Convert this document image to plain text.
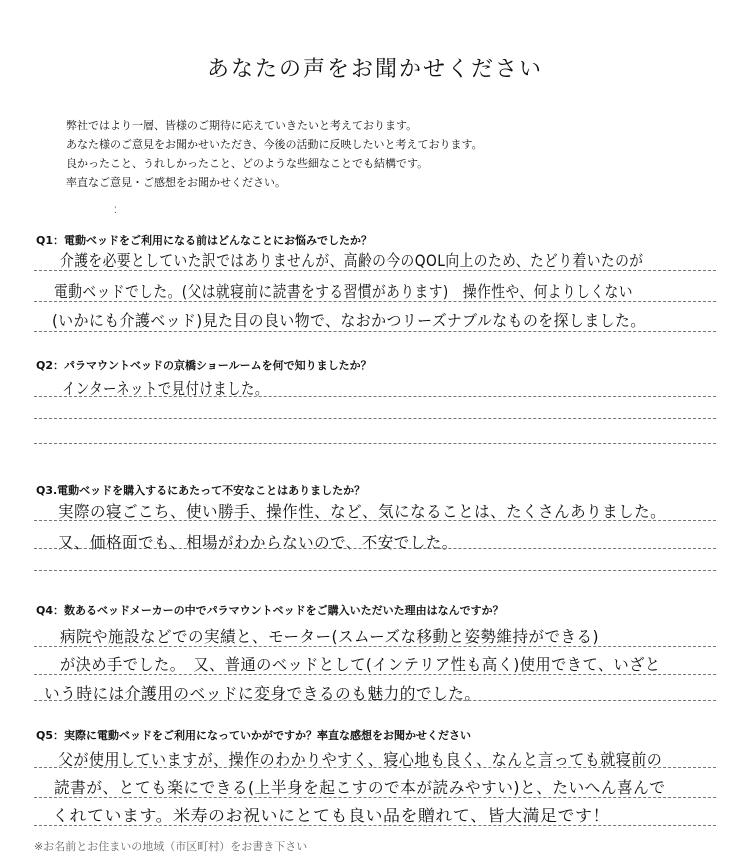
あなたの声をお聞かせください
弊社ではより一層、皆様のご期待に応えていきたいと考えております。
あなた様のご意見をお聞かせいただき、今後の活動に反映したいと考えております。
良かったこと、うれしかったこと、どのような些細なことでも結構です。
率直なご意見・ご感想をお聞かせください。
⁚
Q1：電動ベッドをご利用になる前はどんなことにお悩みでしたか？
介護を必要としていた訳ではありませんが、高齢の今のQOL向上のため、たどり着いたのが
電動ベッドでした。(父は就寝前に読書をする習慣があります)　操作性や、何よりしくない
(いかにも介護ベッド)見た目の良い物で、なおかつリーズナブルなものを探しました。
Q2：パラマウントベッドの京橋ショールームを何で知りましたか？
インターネットで見付けました。
Q3.電動ベッドを購入するにあたって不安なことはありましたか？
実際の寝ごこち、使い勝手、操作性、など、気になることは、たくさんありました。
又、価格面でも、相場がわからないので、不安でした。
Q4：数あるベッドメーカーの中でパラマウントベッドをご購入いただいた理由はなんですか？
病院や施設などでの実績と、モーター(スムーズな移動と姿勢維持ができる)
が決め手でした。　又、普通のベッドとして(インテリア性も高く)使用できて、いざと
いう時には介護用のベッドに変身できるのも魅力的でした。
Q5：実際に電動ベッドをご利用になっていかがですか？率直な感想をお聞かせください
父が使用していますが、操作のわかりやすく、寝心地も良く、なんと言っても就寝前の
読書が、とても楽にできる(上半身を起こすので本が読みやすい)と、たいへん喜んで
くれています。米寿のお祝いにとても良い品を贈れて、皆大満足です！
※お名前とお住まいの地域（市区町村）をお書き下さい
